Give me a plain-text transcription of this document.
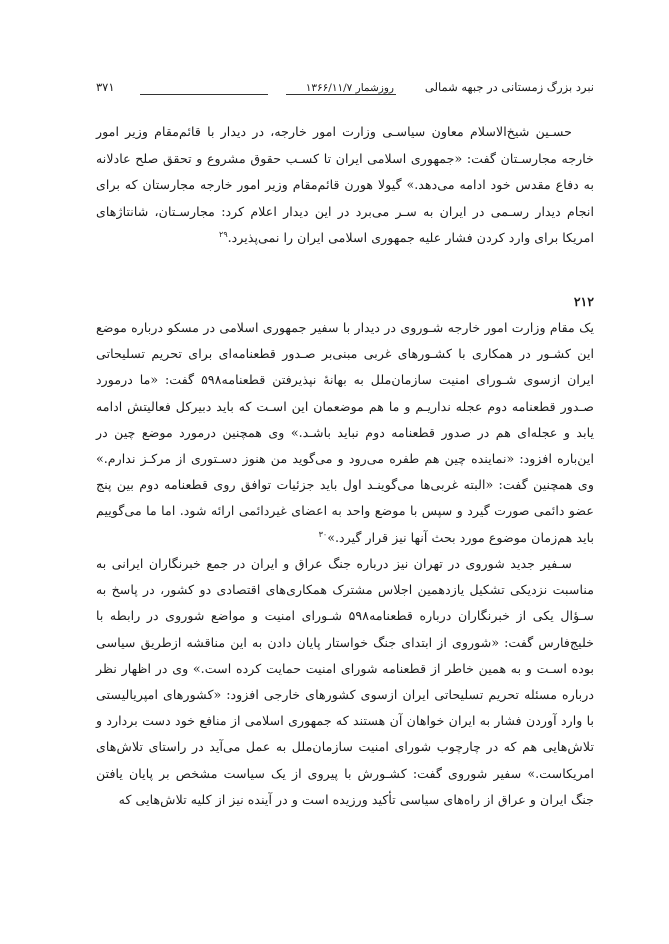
نبرد بزرگ زمستانی در جبهه شمالی
روزشمار ۱۳۶۶/۱۱/۷
۳۷۱

حسـین شیخ‌الاسلام معاون سیاسـی وزارت امور خارجه، در دیدار با قائم‌مقام وزیر امور خارجه مجارسـتان گفت: «جمهوری اسلامی ایران تا کسـب حقوق مشروع و تحقق صلح عادلانه به دفاع مقدس خود ادامه می‌دهد.» گیولا هورن قائم‌مقام وزیر امور خارجه مجارستان که برای انجام دیدار رسـمی در ایران به سـر می‌برد در این دیدار اعلام کرد: مجارسـتان، شانتاژهای امریکا برای وارد کردن فشار علیه جمهوری اسلامی ایران را نمی‌پذیرد.$^{۲۹}$

۲۱۲

یک مقام وزارت امور خارجه شـوروی در دیدار با سفیر جمهوری اسلامی در مسکو درباره موضع این کشـور در همکاری با کشـورهای غربی مبنی‌بر صـدور قطعنامه‌ای برای تحریم تسلیحاتی ایران ازسوی شـورای امنیت سازمان‌ملل به بهانهٔ نپذیرفتن قطعنامه۵۹۸ گفت: «ما درمورد صـدور قطعنامه دوم عجله نداریـم و ما هم موضعمان این اسـت که باید دبیرکل فعالیتش ادامه یابد و عجله‌ای هم در صدور قطعنامه دوم نباید باشـد.» وی همچنین درمورد موضع چین در این‌باره افزود: «نماینده چین هم طفره می‌رود و می‌گوید من هنوز دسـتوری از مرکـز ندارم.» وی همچنین گفت: «البته غربی‌ها می‌گوینـد اول باید جزئیات توافق روی قطعنامه دوم بین پنج عضو دائمی صورت گیرد و سپس با موضع واحد به اعضای غیردائمی ارائه شود. اما ما می‌گوییم باید هم‌زمان موضوع مورد بحث آنها نیز قرار گیرد.»$^{۳۰}$

سـفیر جدید شوروی در تهران نیز درباره جنگ عراق و ایران در جمع خبرنگاران ایرانی به مناسبت نزدیکی تشکیل یازدهمین اجلاس مشترک همکاری‌های اقتصادی دو کشور، در پاسخ به سـؤال یکی از خبرنگاران درباره قطعنامه۵۹۸ شـورای امنیت و مواضع شوروی در رابطه با خلیج‌فارس گفت: «شوروی از ابتدای جنگ خواستار پایان دادن به این مناقشه ازطریق سیاسی بوده اسـت و به همین خاطر از قطعنامه شورای امنیت حمایت کرده است.» وی در اظهار نظر درباره مسئله تحریم تسلیحاتی ایران ازسوی کشورهای خارجی افزود: «کشورهای امپریالیستی با وارد آوردن فشار به ایران خواهان آن هستند که جمهوری اسلامی از منافع خود دست بردارد و تلاش‌هایی هم که در چارچوب شورای امنیت سازمان‌ملل به عمل می‌آید در راستای تلاش‌های امریکاست.» سفیر شوروی گفت: کشـورش با پیروی از یک سیاست مشخص بر پایان یافتن جنگ ایران و عراق از راه‌های سیاسی تأکید ورزیده است و در آینده نیز از کلیه تلاش‌هایی که
